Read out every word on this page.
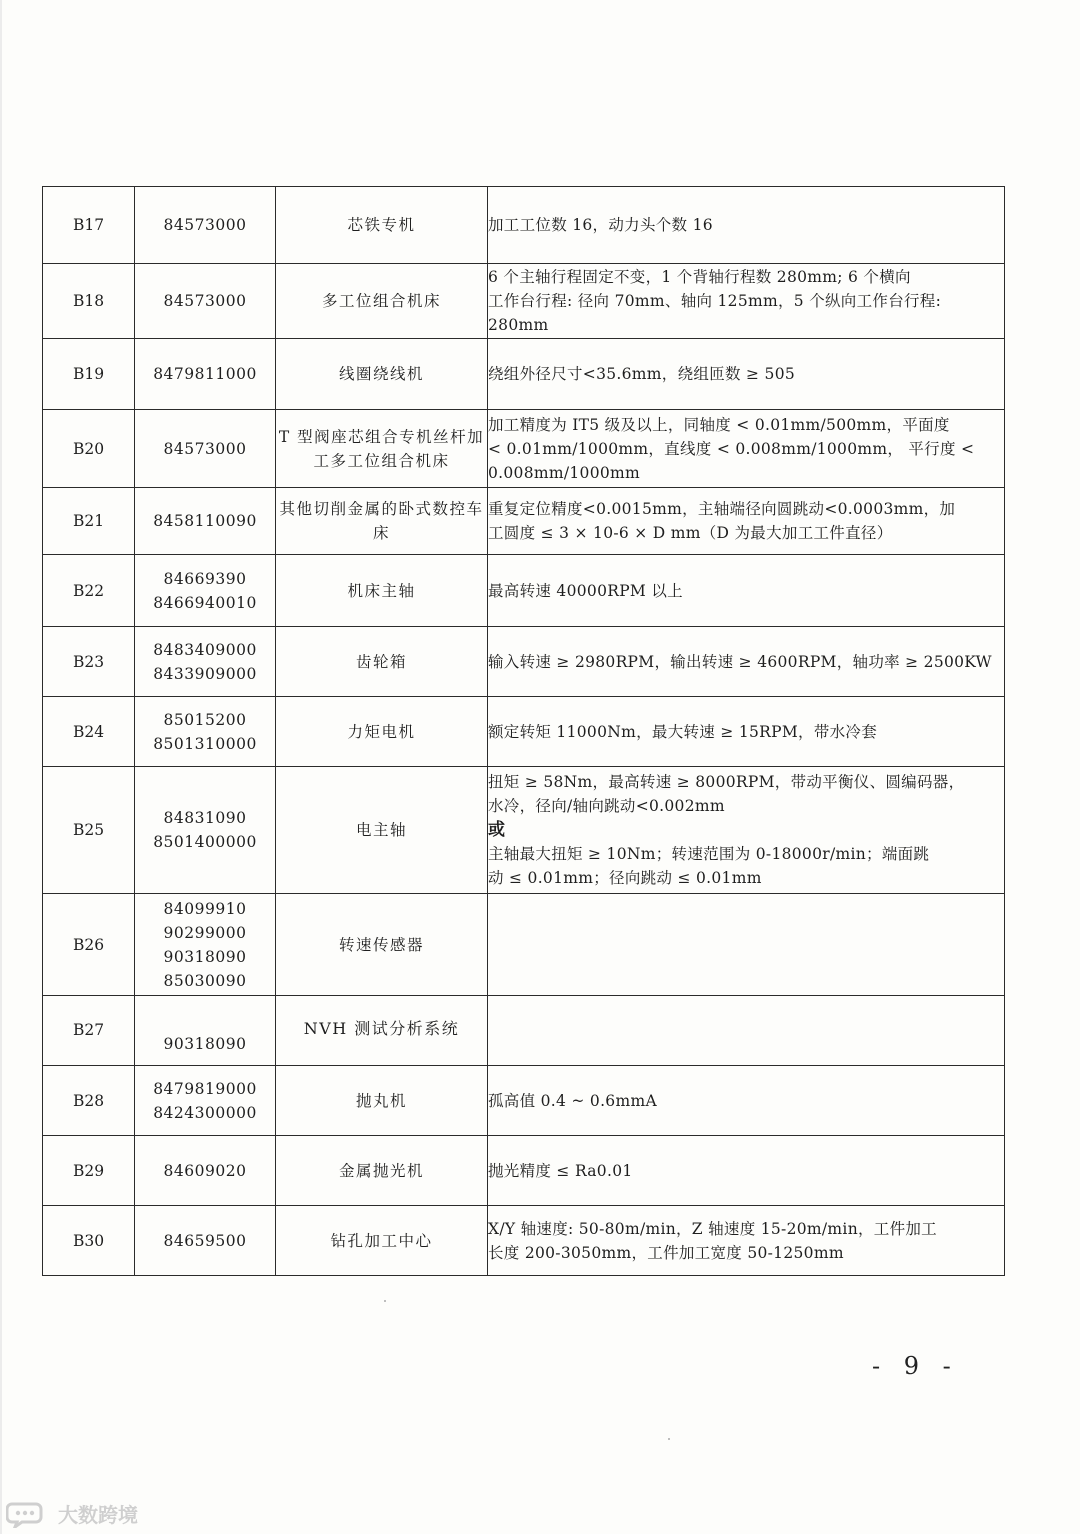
B17	84573000	芯铁专机	加工工位数 16，动力头个数 16

B18	84573000	多工位组合机床	6 个主轴行程固定不变，1 个背轴行程数 280mm; 6 个横向
工作台行程: 径向 70mm、轴向 125mm，5 个纵向工作台行程:
280mm

B19	8479811000	线圈绕线机	绕组外径尺寸<35.6mm，绕组匝数 ≥ 505

B20	84573000	T 型阀座芯组合专机丝杆加工多工位组合机床	加工精度为 IT5 级及以上，同轴度 < 0.01mm/500mm，平面度
< 0.01mm/1000mm，直线度 < 0.008mm/1000mm， 平行度 <
0.008mm/1000mm

B21	8458110090	其他切削金属的卧式数控车床	重复定位精度<0.0015mm，主轴端径向圆跳动<0.0003mm，加
工圆度 ≤ 3 × 10-6 × D mm（D 为最大加工工件直径）

B22	84669390
8466940010	机床主轴	最高转速 40000RPM 以上

B23	8483409000
8433909000	齿轮箱	输入转速 ≥ 2980RPM，输出转速 ≥ 4600RPM，轴功率 ≥ 2500KW

B24	85015200
8501310000	力矩电机	额定转矩 11000Nm，最大转速 ≥ 15RPM，带水冷套

B25	84831090
8501400000	电主轴	扭矩 ≥ 58Nm，最高转速 ≥ 8000RPM，带动平衡仪、圆编码器，
水冷，径向/轴向跳动<0.002mm
或
主轴最大扭矩 ≥ 10Nm；转速范围为 0-18000r/min；端面跳
动 ≤ 0.01mm；径向跳动 ≤ 0.01mm

B26	84099910
90299000
90318090
85030090	转速传感器	
B27	90318090	NVH 测试分析系统	
B28	8479819000
8424300000	抛丸机	孤高值 0.4 ~ 0.6mmA

B29	84609020	金属抛光机	抛光精度 ≤ Ra0.01

B30	84659500	钻孔加工中心	X/Y 轴速度: 50-80m/min，Z 轴速度 15-20m/min，工件加工
长度 200-3050mm，工件加工宽度 50-1250mm
- 9 -
大数跨境
